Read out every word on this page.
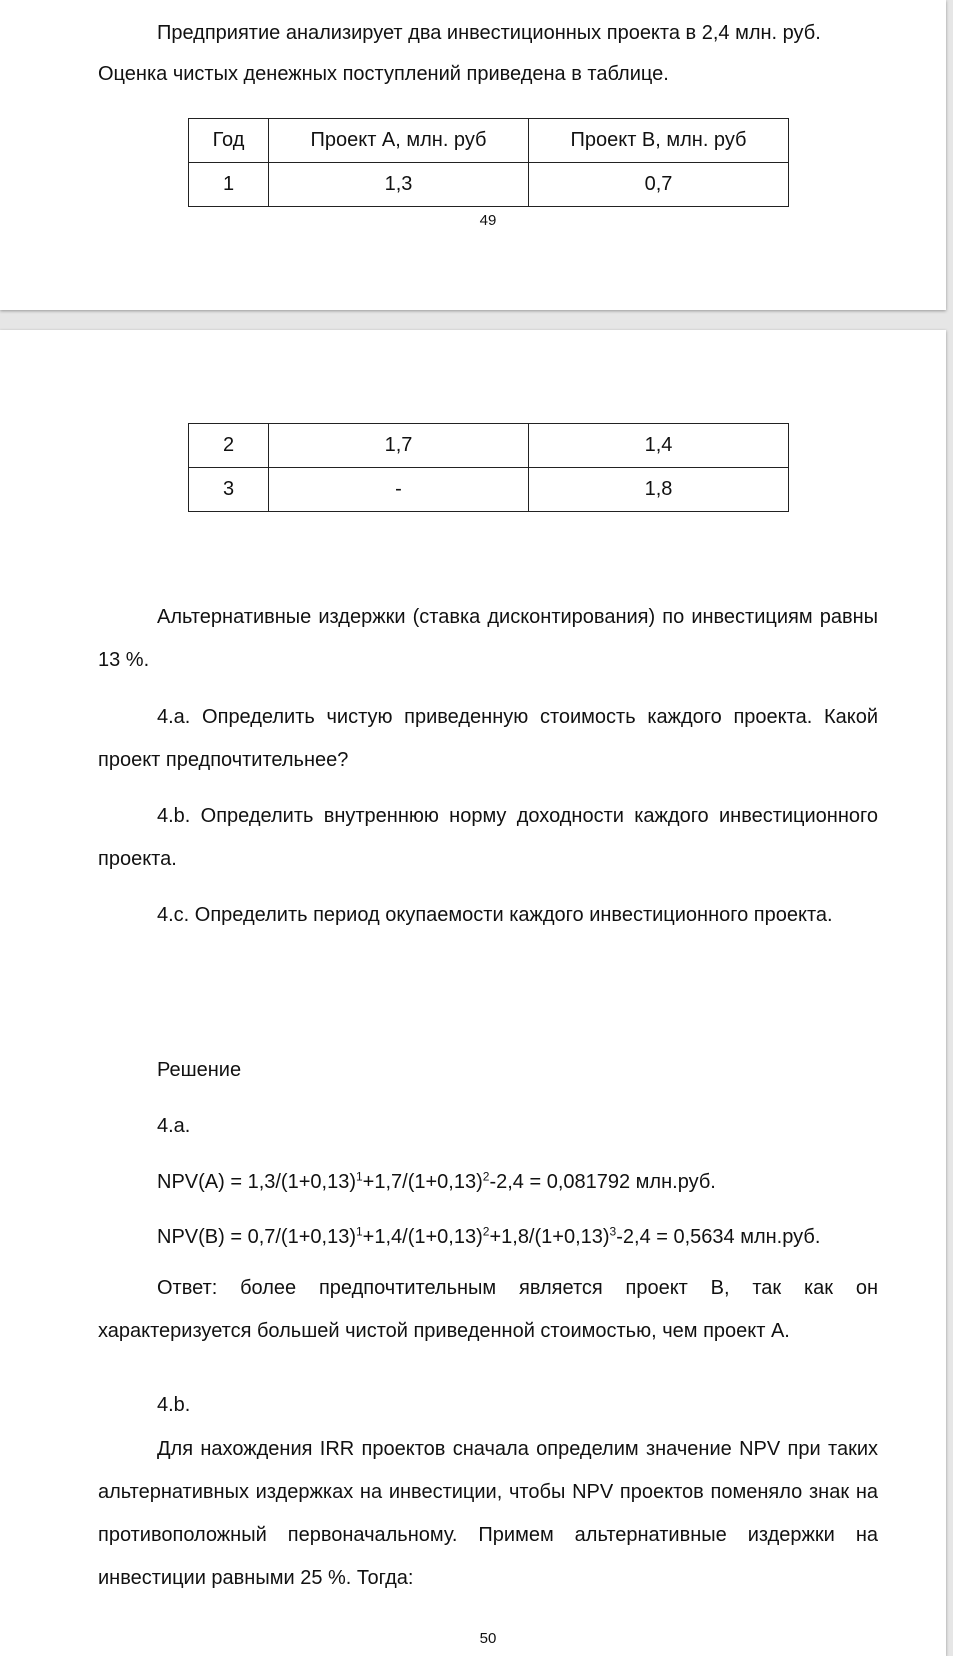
Предприятие анализирует два инвестиционных проекта в 2,4 млн. руб.

Оценка чистых денежных поступлений приведена в таблице.

Год	Проект А, млн. руб	Проект В, млн. руб
1	1,3	0,7
49
2	1,7	1,4
3	-	1,8

Альтернативные издержки (ставка дисконтирования) по инвестициям равны 13 %.

4.a. Определить чистую приведенную стоимость каждого проекта. Какой проект предпочтительнее?

4.b. Определить внутреннюю норму доходности каждого инвестиционного проекта.

4.c. Определить период окупаемости каждого инвестиционного проекта.

Решение

4.a.

$NPV(A) = 1,3/(1+0,13)^1+1,7/(1+0,13)^2-2,4 = 0,081792$ млн.руб.

$NPV(B) = 0,7/(1+0,13)^1+1,4/(1+0,13)^2+1,8/(1+0,13)^3-2,4 = 0,5634$ млн.руб.

Ответ: более предпочтительным является проект В, так как он характеризуется большей чистой приведенной стоимостью, чем проект А.

4.b.

Для нахождения IRR проектов сначала определим значение NPV при таких альтернативных издержках на инвестиции, чтобы NPV проектов поменяло знак на противоположный первоначальному. Примем альтернативные издержки на инвестиции равными 25 %. Тогда:

50
